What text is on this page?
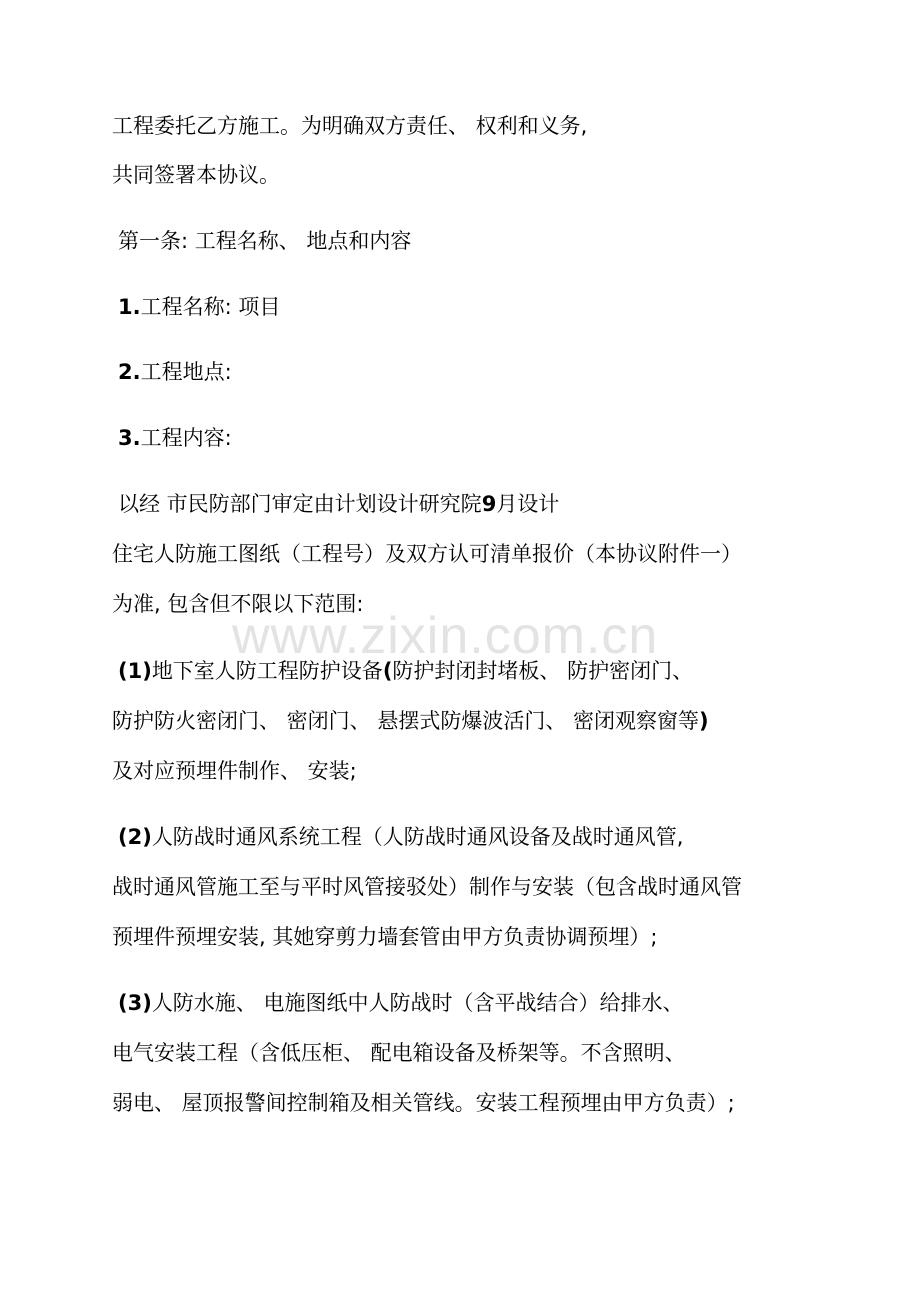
www.zixin.com.cn
工程委托乙方施工。为明确双方责任、 权利和义务,
共同签署本协议。
第一条: 工程名称、 地点和内容
1.工程名称: 项目
2.工程地点:
3.工程内容:
以经 市民防部门审定由计划设计研究院9月设计
住宅人防施工图纸（工程号）及双方认可清单报价（本协议附件一）
为准, 包含但不限以下范围:
(1)地下室人防工程防护设备(防护封闭封堵板、 防护密闭门、
防护防火密闭门、 密闭门、 悬摆式防爆波活门、 密闭观察窗等)
及对应预埋件制作、 安装;
(2)人防战时通风系统工程（人防战时通风设备及战时通风管,
战时通风管施工至与平时风管接驳处）制作与安装（包含战时通风管
预埋件预埋安装, 其她穿剪力墙套管由甲方负责协调预埋）;
(3)人防水施、 电施图纸中人防战时（含平战结合）给排水、
电气安装工程（含低压柜、 配电箱设备及桥架等。不含照明、
弱电、 屋顶报警间控制箱及相关管线。安装工程预埋由甲方负责）;
